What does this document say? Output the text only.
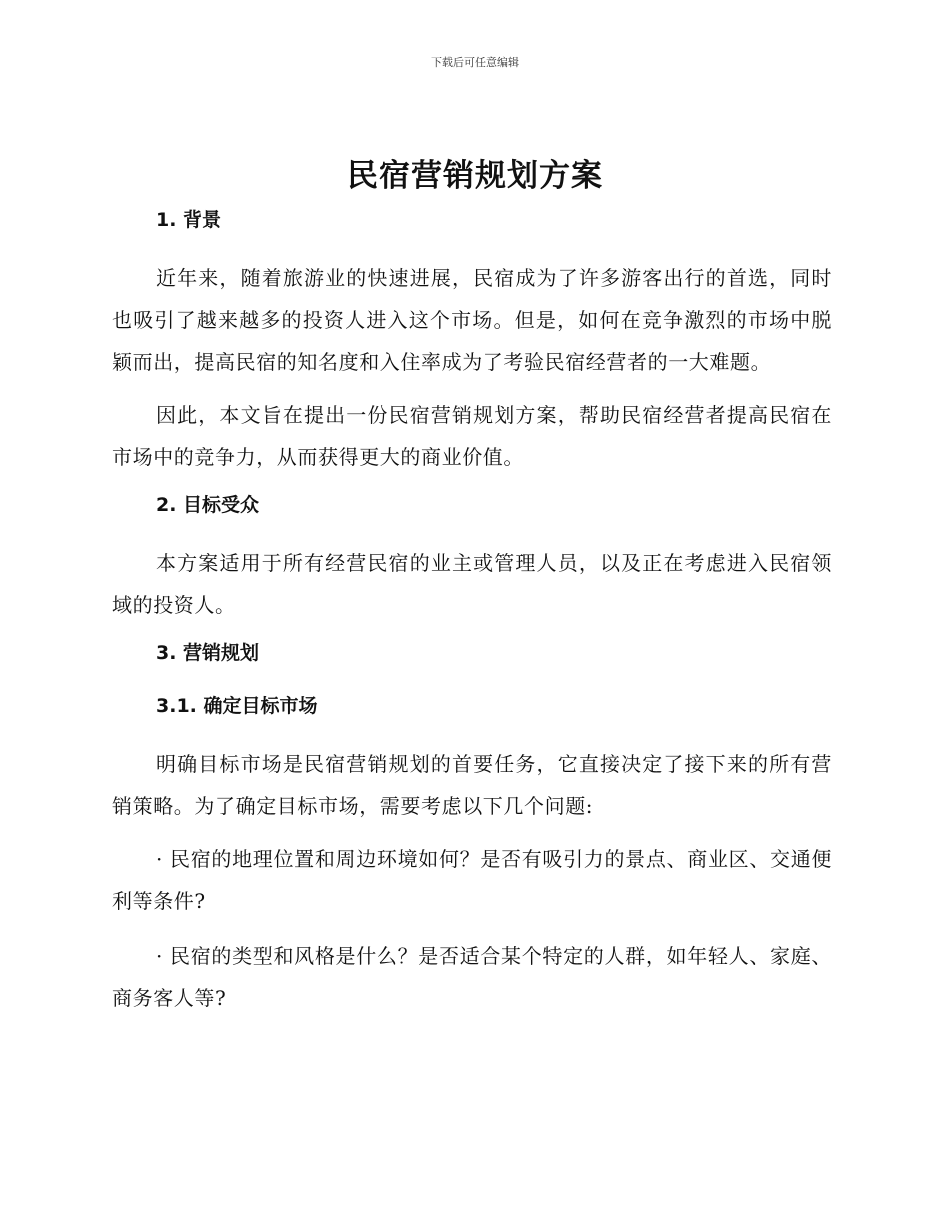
下载后可任意编辑
民宿营销规划方案
1. 背景
近年来，随着旅游业的快速进展，民宿成为了许多游客出行的首选，同时也吸引了越来越多的投资人进入这个市场。但是，如何在竞争激烈的市场中脱颖而出，提高民宿的知名度和入住率成为了考验民宿经营者的一大难题。
因此，本文旨在提出一份民宿营销规划方案，帮助民宿经营者提高民宿在市场中的竞争力，从而获得更大的商业价值。
2. 目标受众
本方案适用于所有经营民宿的业主或管理人员，以及正在考虑进入民宿领域的投资人。
3. 营销规划
3.1. 确定目标市场
明确目标市场是民宿营销规划的首要任务，它直接决定了接下来的所有营销策略。为了确定目标市场，需要考虑以下几个问题:
· 民宿的地理位置和周边环境如何？是否有吸引力的景点、商业区、交通便利等条件?
· 民宿的类型和风格是什么？是否适合某个特定的人群，如年轻人、家庭、商务客人等?
